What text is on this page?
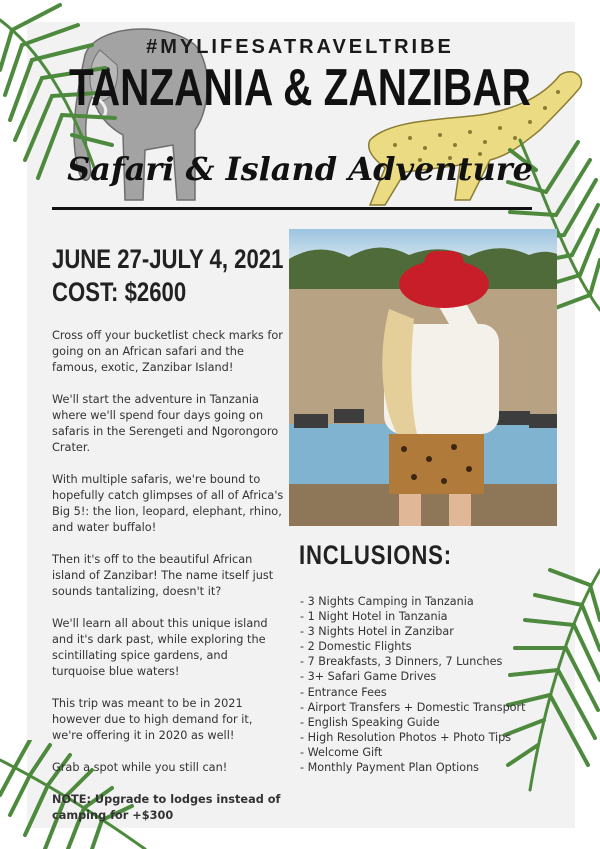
#MYLIFESATRAVELTRIBE
TANZANIA & ZANZIBAR
Safari & Island Adventure
JUNE 27-JULY 4, 2021
COST: $2600

Cross off your bucketlist check marks for going on an African safari and the famous, exotic, Zanzibar Island!

We'll start the adventure in Tanzania where we'll spend four days going on safaris in the Serengeti and Ngorongoro Crater.

With multiple safaris, we're bound to hopefully catch glimpses of all of Africa's Big 5!: the lion, leopard, elephant, rhino, and water buffalo!

Then it's off to the beautiful African island of Zanzibar! The name itself just sounds tantalizing, doesn't it?

We'll learn all about this unique island and it's dark past, while exploring the scintillating spice gardens, and turquoise blue waters!

This trip was meant to be in 2021 however due to high demand for it, we're offering it in 2020 as well!

Grab a spot while you still can!

NOTE: Upgrade to lodges instead of camping for +$300

INCLUSIONS:
- 3 Nights Camping in Tanzania
- 1 Night Hotel in Tanzania
- 3 Nights Hotel in Zanzibar
- 2 Domestic Flights
- 7 Breakfasts, 3 Dinners, 7 Lunches
- 3+ Safari Game Drives
- Entrance Fees
- Airport Transfers + Domestic Transport
- English Speaking Guide
- High Resolution Photos + Photo Tips
- Welcome Gift
- Monthly Payment Plan Options
